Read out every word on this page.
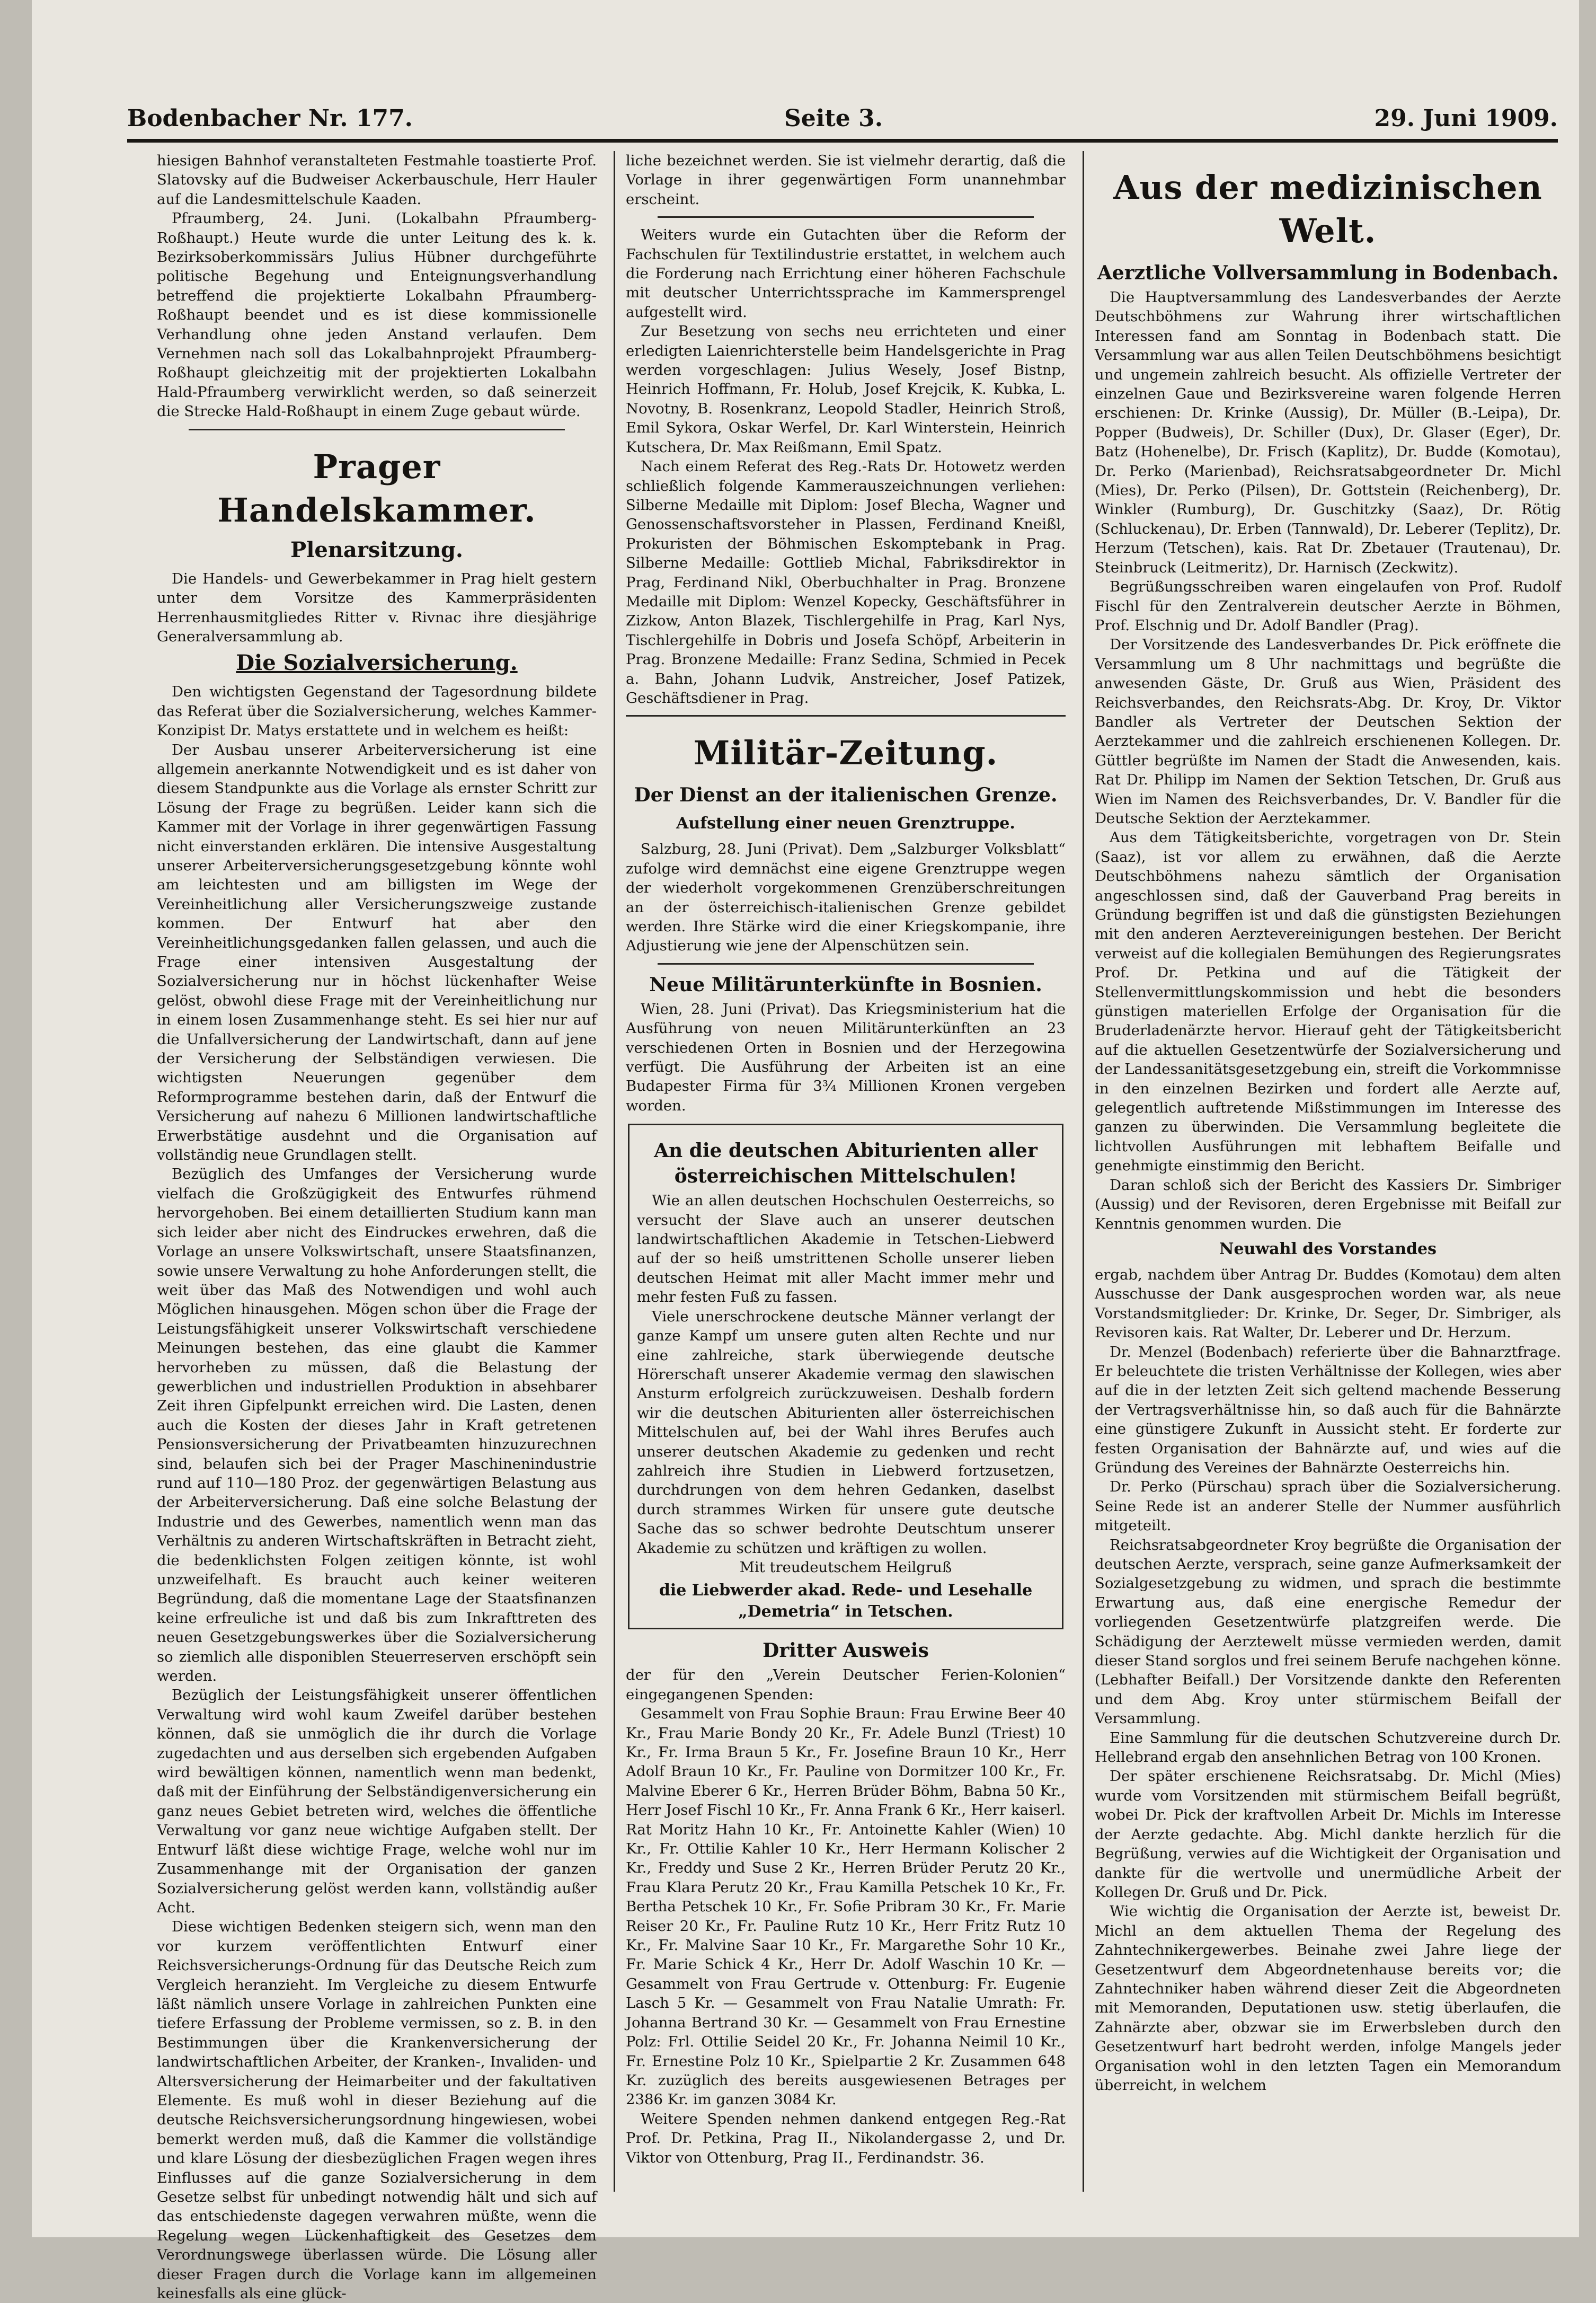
Bodenbacher Nr. 177.	Seite 3.	29. Juni 1909.

hiesigen Bahnhof veranstalteten Festmahle toastierte Prof. Slatovsky auf die Budweiser Ackerbauschule, Herr Hauler auf die Landesmittelschule Kaaden.

Pfraumberg, 24. Juni. (Lokalbahn Pfraumberg-Roßhaupt.) Heute wurde die unter Leitung des k. k. Bezirksoberkommissärs Julius Hübner durchgeführte politische Begehung und Enteignungsverhandlung betreffend die projektierte Lokalbahn Pfraumberg-Roßhaupt beendet und es ist diese kommissionelle Verhandlung ohne jeden Anstand verlaufen. Dem Vernehmen nach soll das Lokalbahnprojekt Pfraumberg-Roßhaupt gleichzeitig mit der projektierten Lokalbahn Hald-Pfraumberg verwirklicht werden, so daß seinerzeit die Strecke Hald-Roßhaupt in einem Zuge gebaut würde.

Prager Handelskammer.
Plenarsitzung.

Die Handels- und Gewerbekammer in Prag hielt gestern unter dem Vorsitze des Kammerpräsidenten Herrenhausmitgliedes Ritter v. Rivnac ihre diesjährige Generalversammlung ab.

Die Sozialversicherung.

Den wichtigsten Gegenstand der Tagesordnung bildete das Referat über die Sozialversicherung, welches Kammer-Konzipist Dr. Matys erstattete und in welchem es heißt:

Der Ausbau unserer Arbeiterversicherung ist eine allgemein anerkannte Notwendigkeit und es ist daher von diesem Standpunkte aus die Vorlage als ernster Schritt zur Lösung der Frage zu begrüßen. Leider kann sich die Kammer mit der Vorlage in ihrer gegenwärtigen Fassung nicht einverstanden erklären. Die intensive Ausgestaltung unserer Arbeiterversicherungsgesetzgebung könnte wohl am leichtesten und am billigsten im Wege der Vereinheitlichung aller Versicherungszweige zustande kommen. Der Entwurf hat aber den Vereinheitlichungsgedanken fallen gelassen, und auch die Frage einer intensiven Ausgestaltung der Sozialversicherung nur in höchst lückenhafter Weise gelöst, obwohl diese Frage mit der Vereinheitlichung nur in einem losen Zusammenhange steht. Es sei hier nur auf die Unfallversicherung der Landwirtschaft, dann auf jene der Versicherung der Selbständigen verwiesen. Die wichtigsten Neuerungen gegenüber dem Reformprogramme bestehen darin, daß der Entwurf die Versicherung auf nahezu 6 Millionen landwirtschaftliche Erwerbstätige ausdehnt und die Organisation auf vollständig neue Grundlagen stellt.

Bezüglich des Umfanges der Versicherung wurde vielfach die Großzügigkeit des Entwurfes rühmend hervorgehoben. Bei einem detaillierten Studium kann man sich leider aber nicht des Eindruckes erwehren, daß die Vorlage an unsere Volkswirtschaft, unsere Staatsfinanzen, sowie unsere Verwaltung zu hohe Anforderungen stellt, die weit über das Maß des Notwendigen und wohl auch Möglichen hinausgehen. Mögen schon über die Frage der Leistungsfähigkeit unserer Volkswirtschaft verschiedene Meinungen bestehen, das eine glaubt die Kammer hervorheben zu müssen, daß die Belastung der gewerblichen und industriellen Produktion in absehbarer Zeit ihren Gipfelpunkt erreichen wird. Die Lasten, denen auch die Kosten der dieses Jahr in Kraft getretenen Pensionsversicherung der Privatbeamten hinzuzurechnen sind, belaufen sich bei der Prager Maschinenindustrie rund auf 110—180 Proz. der gegenwärtigen Belastung aus der Arbeiterversicherung. Daß eine solche Belastung der Industrie und des Gewerbes, namentlich wenn man das Verhältnis zu anderen Wirtschaftskräften in Betracht zieht, die bedenklichsten Folgen zeitigen könnte, ist wohl unzweifelhaft. Es braucht auch keiner weiteren Begründung, daß die momentane Lage der Staatsfinanzen keine erfreuliche ist und daß bis zum Inkrafttreten des neuen Gesetzgebungswerkes über die Sozialversicherung so ziemlich alle disponiblen Steuerreserven erschöpft sein werden.

Bezüglich der Leistungsfähigkeit unserer öffentlichen Verwaltung wird wohl kaum Zweifel darüber bestehen können, daß sie unmöglich die ihr durch die Vorlage zugedachten und aus derselben sich ergebenden Aufgaben wird bewältigen können, namentlich wenn man bedenkt, daß mit der Einführung der Selbständigenversicherung ein ganz neues Gebiet betreten wird, welches die öffentliche Verwaltung vor ganz neue wichtige Aufgaben stellt. Der Entwurf läßt diese wichtige Frage, welche wohl nur im Zusammenhange mit der Organisation der ganzen Sozialversicherung gelöst werden kann, vollständig außer Acht.

Diese wichtigen Bedenken steigern sich, wenn man den vor kurzem veröffentlichten Entwurf einer Reichsversicherungs-Ordnung für das Deutsche Reich zum Vergleich heranzieht. Im Vergleiche zu diesem Entwurfe läßt nämlich unsere Vorlage in zahlreichen Punkten eine tiefere Erfassung der Probleme vermissen, so z. B. in den Bestimmungen über die Krankenversicherung der landwirtschaftlichen Arbeiter, der Kranken-, Invaliden- und Altersversicherung der Heimarbeiter und der fakultativen Elemente. Es muß wohl in dieser Beziehung auf die deutsche Reichsversicherungsordnung hingewiesen, wobei bemerkt werden muß, daß die Kammer die vollständige und klare Lösung der diesbezüglichen Fragen wegen ihres Einflusses auf die ganze Sozialversicherung in dem Gesetze selbst für unbedingt notwendig hält und sich auf das entschiedenste dagegen verwahren müßte, wenn die Regelung wegen Lückenhaftigkeit des Gesetzes dem Verordnungswege überlassen würde. Die Lösung aller dieser Fragen durch die Vorlage kann im allgemeinen keinesfalls als eine glück-

liche bezeichnet werden. Sie ist vielmehr derartig, daß die Vorlage in ihrer gegenwärtigen Form unannehmbar erscheint.

Weiters wurde ein Gutachten über die Reform der Fachschulen für Textilindustrie erstattet, in welchem auch die Forderung nach Errichtung einer höheren Fachschule mit deutscher Unterrichtssprache im Kammersprengel aufgestellt wird.

Zur Besetzung von sechs neu errichteten und einer erledigten Laienrichterstelle beim Handelsgerichte in Prag werden vorgeschlagen: Julius Wesely, Josef Bistnp, Heinrich Hoffmann, Fr. Holub, Josef Krejcik, K. Kubka, L. Novotny, B. Rosenkranz, Leopold Stadler, Heinrich Stroß, Emil Sykora, Oskar Werfel, Dr. Karl Winterstein, Heinrich Kutschera, Dr. Max Reißmann, Emil Spatz.

Nach einem Referat des Reg.-Rats Dr. Hotowetz werden schließlich folgende Kammerauszeichnungen verliehen: Silberne Medaille mit Diplom: Josef Blecha, Wagner und Genossenschaftsvorsteher in Plassen, Ferdinand Kneißl, Prokuristen der Böhmischen Eskomptebank in Prag. Silberne Medaille: Gottlieb Michal, Fabriksdirektor in Prag, Ferdinand Nikl, Oberbuchhalter in Prag. Bronzene Medaille mit Diplom: Wenzel Kopecky, Geschäftsführer in Zizkow, Anton Blazek, Tischlergehilfe in Prag, Karl Nys, Tischlergehilfe in Dobris und Josefa Schöpf, Arbeiterin in Prag. Bronzene Medaille: Franz Sedina, Schmied in Pecek a. Bahn, Johann Ludvik, Anstreicher, Josef Patizek, Geschäftsdiener in Prag.

Militär-Zeitung.
Der Dienst an der italienischen Grenze.
Aufstellung einer neuen Grenztruppe.

Salzburg, 28. Juni (Privat). Dem „Salzburger Volksblatt“ zufolge wird demnächst eine eigene Grenztruppe wegen der wiederholt vorgekommenen Grenzüberschreitungen an der österreichisch-italienischen Grenze gebildet werden. Ihre Stärke wird die einer Kriegskompanie, ihre Adjustierung wie jene der Alpenschützen sein.

Neue Militärunterkünfte in Bosnien.

Wien, 28. Juni (Privat). Das Kriegsministerium hat die Ausführung von neuen Militärunterkünften an 23 verschiedenen Orten in Bosnien und der Herzegowina verfügt. Die Ausführung der Arbeiten ist an eine Budapester Firma für 3¾ Millionen Kronen vergeben worden.

An die deutschen Abiturienten aller österreichischen Mittelschulen!

Wie an allen deutschen Hochschulen Oesterreichs, so versucht der Slave auch an unserer deutschen landwirtschaftlichen Akademie in Tetschen-Liebwerd auf der so heiß umstrittenen Scholle unserer lieben deutschen Heimat mit aller Macht immer mehr und mehr festen Fuß zu fassen.

Viele unerschrockene deutsche Männer verlangt der ganze Kampf um unsere guten alten Rechte und nur eine zahlreiche, stark überwiegende deutsche Hörerschaft unserer Akademie vermag den slawischen Ansturm erfolgreich zurückzuweisen. Deshalb fordern wir die deutschen Abiturienten aller österreichischen Mittelschulen auf, bei der Wahl ihres Berufes auch unserer deutschen Akademie zu gedenken und recht zahlreich ihre Studien in Liebwerd fortzusetzen, durchdrungen von dem hehren Gedanken, daselbst durch strammes Wirken für unsere gute deutsche Sache das so schwer bedrohte Deutschtum unserer Akademie zu schützen und kräftigen zu wollen.

Mit treudeutschem Heilgruß
die Liebwerder akad. Rede- und Lesehalle „Demetria“ in Tetschen.
Dritter Ausweis

der für den „Verein Deutscher Ferien-Kolonien“ eingegangenen Spenden:

Gesammelt von Frau Sophie Braun: Frau Erwine Beer 40 Kr., Frau Marie Bondy 20 Kr., Fr. Adele Bunzl (Triest) 10 Kr., Fr. Irma Braun 5 Kr., Fr. Josefine Braun 10 Kr., Herr Adolf Braun 10 Kr., Fr. Pauline von Dormitzer 100 Kr., Fr. Malvine Eberer 6 Kr., Herren Brüder Böhm, Babna 50 Kr., Herr Josef Fischl 10 Kr., Fr. Anna Frank 6 Kr., Herr kaiserl. Rat Moritz Hahn 10 Kr., Fr. Antoinette Kahler (Wien) 10 Kr., Fr. Ottilie Kahler 10 Kr., Herr Hermann Kolischer 2 Kr., Freddy und Suse 2 Kr., Herren Brüder Perutz 20 Kr., Frau Klara Perutz 20 Kr., Frau Kamilla Petschek 10 Kr., Fr. Bertha Petschek 10 Kr., Fr. Sofie Pribram 30 Kr., Fr. Marie Reiser 20 Kr., Fr. Pauline Rutz 10 Kr., Herr Fritz Rutz 10 Kr., Fr. Malvine Saar 10 Kr., Fr. Margarethe Sohr 10 Kr., Fr. Marie Schick 4 Kr., Herr Dr. Adolf Waschin 10 Kr. — Gesammelt von Frau Gertrude v. Ottenburg: Fr. Eugenie Lasch 5 Kr. — Gesammelt von Frau Natalie Umrath: Fr. Johanna Bertrand 30 Kr. — Gesammelt von Frau Ernestine Polz: Frl. Ottilie Seidel 20 Kr., Fr. Johanna Neimil 10 Kr., Fr. Ernestine Polz 10 Kr., Spielpartie 2 Kr. Zusammen 648 Kr. zuzüglich des bereits ausgewiesenen Betrages per 2386 Kr. im ganzen 3084 Kr.

Weitere Spenden nehmen dankend entgegen Reg.-Rat Prof. Dr. Petkina, Prag II., Nikolandergasse 2, und Dr. Viktor von Ottenburg, Prag II., Ferdinandstr. 36.

Aus der medizinischen Welt.
Aerztliche Vollversammlung in Bodenbach.

Die Hauptversammlung des Landesverbandes der Aerzte Deutschböhmens zur Wahrung ihrer wirtschaftlichen Interessen fand am Sonntag in Bodenbach statt. Die Versammlung war aus allen Teilen Deutschböhmens besichtigt und ungemein zahlreich besucht. Als offizielle Vertreter der einzelnen Gaue und Bezirksvereine waren folgende Herren erschienen: Dr. Krinke (Aussig), Dr. Müller (B.-Leipa), Dr. Popper (Budweis), Dr. Schiller (Dux), Dr. Glaser (Eger), Dr. Batz (Hohenelbe), Dr. Frisch (Kaplitz), Dr. Budde (Komotau), Dr. Perko (Marienbad), Reichsratsabgeordneter Dr. Michl (Mies), Dr. Perko (Pilsen), Dr. Gottstein (Reichenberg), Dr. Winkler (Rumburg), Dr. Guschitzky (Saaz), Dr. Rötig (Schluckenau), Dr. Erben (Tannwald), Dr. Leberer (Teplitz), Dr. Herzum (Tetschen), kais. Rat Dr. Zbetauer (Trautenau), Dr. Steinbruck (Leitmeritz), Dr. Harnisch (Zeckwitz).

Begrüßungsschreiben waren eingelaufen von Prof. Rudolf Fischl für den Zentralverein deutscher Aerzte in Böhmen, Prof. Elschnig und Dr. Adolf Bandler (Prag).

Der Vorsitzende des Landesverbandes Dr. Pick eröffnete die Versammlung um 8 Uhr nachmittags und begrüßte die anwesenden Gäste, Dr. Gruß aus Wien, Präsident des Reichsverbandes, den Reichsrats-Abg. Dr. Kroy, Dr. Viktor Bandler als Vertreter der Deutschen Sektion der Aerztekammer und die zahlreich erschienenen Kollegen. Dr. Güttler begrüßte im Namen der Stadt die Anwesenden, kais. Rat Dr. Philipp im Namen der Sektion Tetschen, Dr. Gruß aus Wien im Namen des Reichsverbandes, Dr. V. Bandler für die Deutsche Sektion der Aerztekammer.

Aus dem Tätigkeitsberichte, vorgetragen von Dr. Stein (Saaz), ist vor allem zu erwähnen, daß die Aerzte Deutschböhmens nahezu sämtlich der Organisation angeschlossen sind, daß der Gauverband Prag bereits in Gründung begriffen ist und daß die günstigsten Beziehungen mit den anderen Aerztevereinigungen bestehen. Der Bericht verweist auf die kollegialen Bemühungen des Regierungsrates Prof. Dr. Petkina und auf die Tätigkeit der Stellenvermittlungskommission und hebt die besonders günstigen materiellen Erfolge der Organisation für die Bruderladenärzte hervor. Hierauf geht der Tätigkeitsbericht auf die aktuellen Gesetzentwürfe der Sozialversicherung und der Landessanitätsgesetzgebung ein, streift die Vorkommnisse in den einzelnen Bezirken und fordert alle Aerzte auf, gelegentlich auftretende Mißstimmungen im Interesse des ganzen zu überwinden. Die Versammlung begleitete die lichtvollen Ausführungen mit lebhaftem Beifalle und genehmigte einstimmig den Bericht.

Daran schloß sich der Bericht des Kassiers Dr. Simbriger (Aussig) und der Revisoren, deren Ergebnisse mit Beifall zur Kenntnis genommen wurden. Die

Neuwahl des Vorstandes

ergab, nachdem über Antrag Dr. Buddes (Komotau) dem alten Ausschusse der Dank ausgesprochen worden war, als neue Vorstandsmitglieder: Dr. Krinke, Dr. Seger, Dr. Simbriger, als Revisoren kais. Rat Walter, Dr. Leberer und Dr. Herzum.

Dr. Menzel (Bodenbach) referierte über die Bahnarztfrage. Er beleuchtete die tristen Verhältnisse der Kollegen, wies aber auf die in der letzten Zeit sich geltend machende Besserung der Vertragsverhältnisse hin, so daß auch für die Bahnärzte eine günstigere Zukunft in Aussicht steht. Er forderte zur festen Organisation der Bahnärzte auf, und wies auf die Gründung des Vereines der Bahnärzte Oesterreichs hin.

Dr. Perko (Pürschau) sprach über die Sozialversicherung. Seine Rede ist an anderer Stelle der Nummer ausführlich mitgeteilt.

Reichsratsabgeordneter Kroy begrüßte die Organisation der deutschen Aerzte, versprach, seine ganze Aufmerksamkeit der Sozialgesetzgebung zu widmen, und sprach die bestimmte Erwartung aus, daß eine energische Remedur der vorliegenden Gesetzentwürfe platzgreifen werde. Die Schädigung der Aerztewelt müsse vermieden werden, damit dieser Stand sorglos und frei seinem Berufe nachgehen könne. (Lebhafter Beifall.) Der Vorsitzende dankte den Referenten und dem Abg. Kroy unter stürmischem Beifall der Versammlung.

Eine Sammlung für die deutschen Schutzvereine durch Dr. Hellebrand ergab den ansehnlichen Betrag von 100 Kronen.

Der später erschienene Reichsratsabg. Dr. Michl (Mies) wurde vom Vorsitzenden mit stürmischem Beifall begrüßt, wobei Dr. Pick der kraftvollen Arbeit Dr. Michls im Interesse der Aerzte gedachte. Abg. Michl dankte herzlich für die Begrüßung, verwies auf die Wichtigkeit der Organisation und dankte für die wertvolle und unermüdliche Arbeit der Kollegen Dr. Gruß und Dr. Pick.

Wie wichtig die Organisation der Aerzte ist, beweist Dr. Michl an dem aktuellen Thema der Regelung des Zahntechnikergewerbes. Beinahe zwei Jahre liege der Gesetzentwurf dem Abgeordnetenhause bereits vor; die Zahntechniker haben während dieser Zeit die Abgeordneten mit Memoranden, Deputationen usw. stetig überlaufen, die Zahnärzte aber, obzwar sie im Erwerbsleben durch den Gesetzentwurf hart bedroht werden, infolge Mangels jeder Organisation wohl in den letzten Tagen ein Memorandum überreicht, in welchem
